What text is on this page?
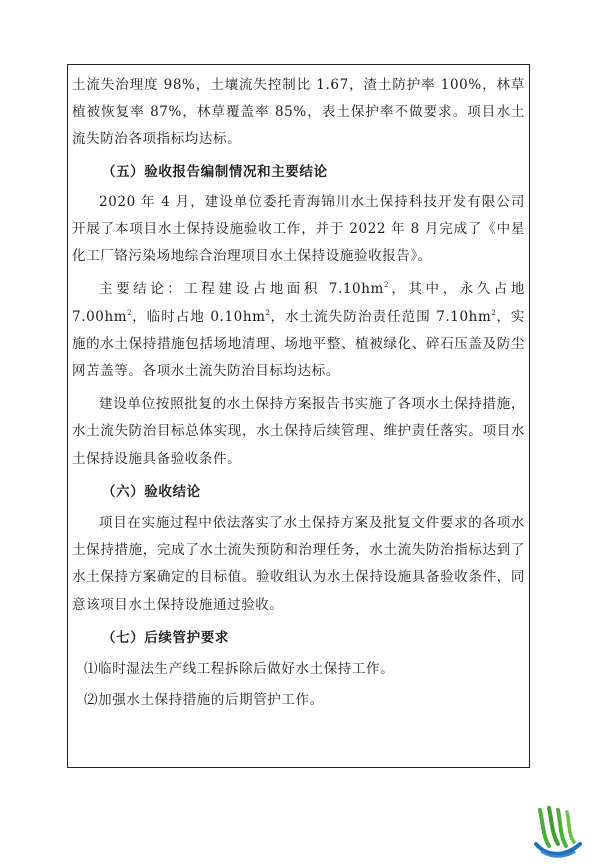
土流失治理度 98%，土壤流失控制比 1.67，渣土防护率 100%，林草植被恢复率 87%，林草覆盖率 85%，表土保护率不做要求。项目水土流失防治各项指标均达标。

（五）验收报告编制情况和主要结论

2020 年 4 月，建设单位委托青海锦川水土保持科技开发有限公司开展了本项目水土保持设施验收工作，并于 2022 年 8 月完成了《中星化工厂铬污染场地综合治理项目水土保持设施验收报告》。

主要结论：工程建设占地面积 $7.10hm^2$，其中，永久占地 $7.00hm^2$，临时占地 $0.10hm^2$，水土流失防治责任范围 $7.10hm^2$，实施的水土保持措施包括场地清理、场地平整、植被绿化、碎石压盖及防尘网苫盖等。各项水土流失防治目标均达标。

建设单位按照批复的水土保持方案报告书实施了各项水土保持措施，水土流失防治目标总体实现，水土保持后续管理、维护责任落实。项目水土保持设施具备验收条件。

（六）验收结论

项目在实施过程中依法落实了水土保持方案及批复文件要求的各项水土保持措施，完成了水土流失预防和治理任务，水土流失防治指标达到了水土保持方案确定的目标值。验收组认为水土保持设施具备验收条件，同意该项目水土保持设施通过验收。

（七）后续管护要求

⑴临时湿法生产线工程拆除后做好水土保持工作。

⑵加强水土保持措施的后期管护工作。
